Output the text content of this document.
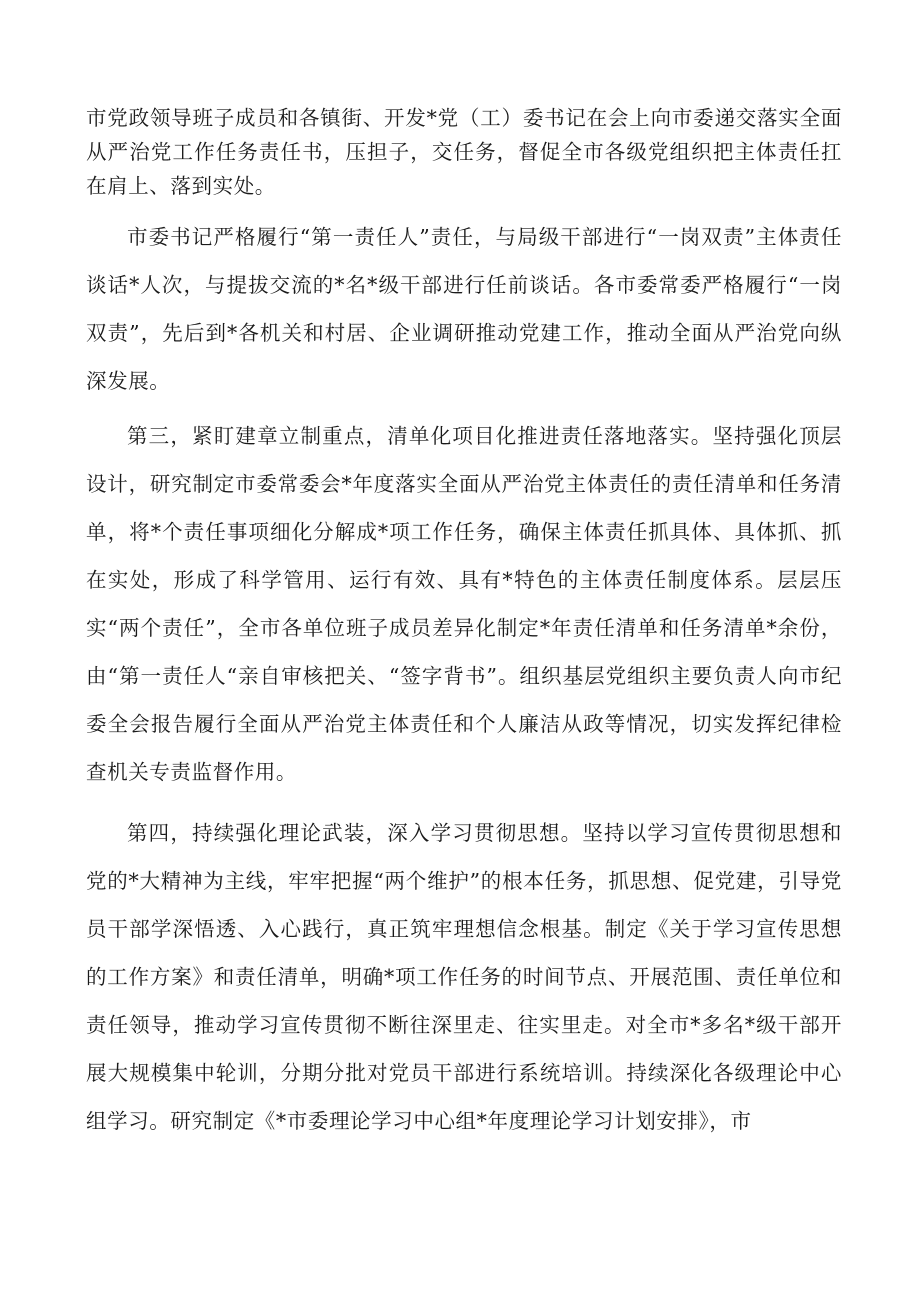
市党政领导班子成员和各镇街、开发*党（工）委书记在会上向市委递交落实全面从严治党工作任务责任书，压担子，交任务，督促全市各级党组织把主体责任扛在肩上、落到实处。

市委书记严格履行“第一责任人”责任，与局级干部进行“一岗双责”主体责任谈话*人次，与提拔交流的*名*级干部进行任前谈话。各市委常委严格履行“一岗双责”，先后到*各机关和村居、企业调研推动党建工作，推动全面从严治党向纵深发展。

第三，紧盯建章立制重点，清单化项目化推进责任落地落实。坚持强化顶层设计，研究制定市委常委会*年度落实全面从严治党主体责任的责任清单和任务清单，将*个责任事项细化分解成*项工作任务，确保主体责任抓具体、具体抓、抓在实处，形成了科学管用、运行有效、具有*特色的主体责任制度体系。层层压实“两个责任”，全市各单位班子成员差异化制定*年责任清单和任务清单*余份，由“第一责任人“亲自审核把关、“签字背书”。组织基层党组织主要负责人向市纪委全会报告履行全面从严治党主体责任和个人廉洁从政等情况，切实发挥纪律检查机关专责监督作用。

第四，持续强化理论武装，深入学习贯彻思想。坚持以学习宣传贯彻思想和党的*大精神为主线，牢牢把握“两个维护”的根本任务，抓思想、促党建，引导党员干部学深悟透、入心践行，真正筑牢理想信念根基。制定《关于学习宣传思想的工作方案》和责任清单，明确*项工作任务的时间节点、开展范围、责任单位和责任领导，推动学习宣传贯彻不断往深里走、往实里走。对全市*多名*级干部开展大规模集中轮训，分期分批对党员干部进行系统培训。持续深化各级理论中心组学习。研究制定《*市委理论学习中心组*年度理论学习计划安排》，市
